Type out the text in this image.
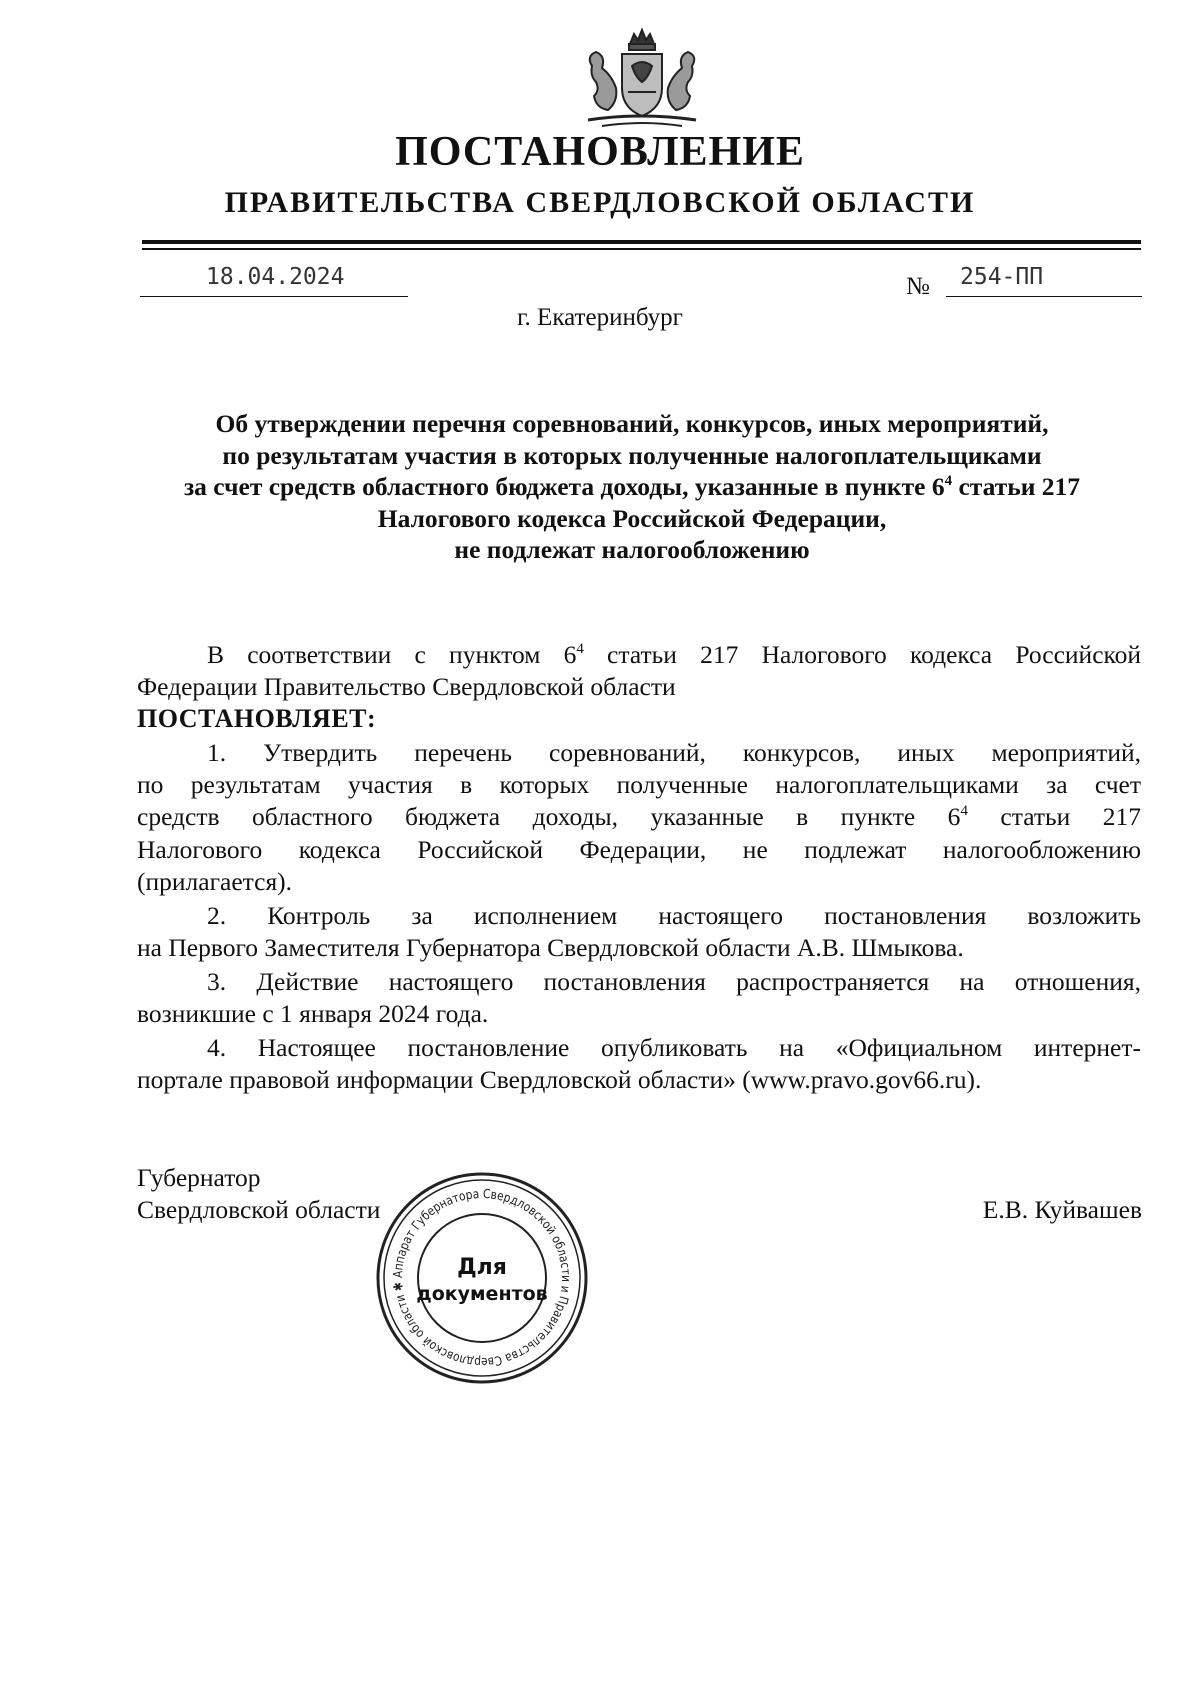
ПОСТАНОВЛЕНИЕ
ПРАВИТЕЛЬСТВА СВЕРДЛОВСКОЙ ОБЛАСТИ
18.04.2024	№ 254-ПП
г. Екатеринбург
Об утверждении перечня соревнований, конкурсов, иных мероприятий,
по результатам участия в которых полученные налогоплательщиками
за счет средств областного бюджета доходы, указанные в пункте $6^4$ статьи 217
Налогового кодекса Российской Федерации,
не подлежат налогообложению
В соответствии с пунктом $6^4$ статьи 217 Налогового кодекса Российской
Федерации Правительство Свердловской области
ПОСТАНОВЛЯЕТ:
1. Утвердить перечень соревнований, конкурсов, иных мероприятий,
по результатам участия в которых полученные налогоплательщиками за счет
средств областного бюджета доходы, указанные в пункте $6^4$ статьи 217
Налогового кодекса Российской Федерации, не подлежат налогообложению
(прилагается).
2. Контроль за исполнением настоящего постановления возложить
на Первого Заместителя Губернатора Свердловской области А.В. Шмыкова.
3. Действие настоящего постановления распространяется на отношения,
возникшие с 1 января 2024 года.
4. Настоящее постановление опубликовать на «Официальном интернет-
портале правовой информации Свердловской области» (www.pravo.gov66.ru).
Губернатор
Свердловской области	Е.В. Куйвашев
Аппарат Губернатора Свердловской области и Правительства Свердловской области ✱
Для
документов
